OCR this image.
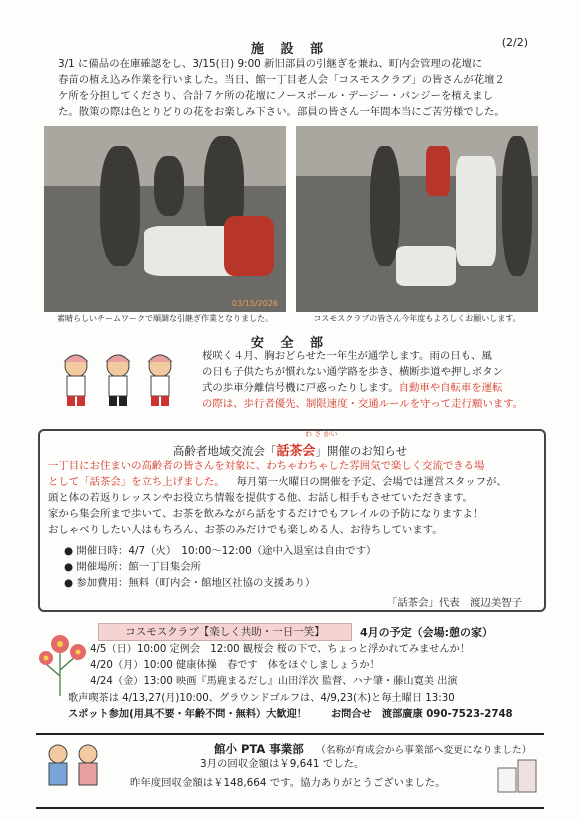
(2/2)
施 設 部
3/1 に備品の在庫確認をし、3/15(日) 9:00 新旧部員の引継ぎを兼ね、町内会管理の花壇に
春苗の植え込み作業を行いました。当日、館一丁目老人会「コスモスクラブ」の皆さんが花壇２
ケ所を分担してくださり、合計７ケ所の花壇にノースポール・デージー・パンジーを植えまし
た。散策の際は色とりどりの花をお楽しみ下さい。部員の皆さん一年間本当にご苦労様でした。
03/15/2026
素晴らしいチームワークで順調な引継ぎ作業となりました。	コスモスクラブの皆さん今年度もよろしくお願いします。
安 全 部
桜咲く４月、胸おどらせた一年生が通学します。雨の日も、風
の日も子供たちが慣れない通学路を歩き、横断歩道や押しボタン
式の歩車分離信号機に戸惑ったりします。自動車や自転車を運転
の際は、歩行者優先、制限速度・交通ルールを守って走行願います。
わ さ かい
高齢者地域交流会「話茶会」開催のお知らせ
一丁目にお住まいの高齢者の皆さんを対象に、わちゃわちゃした雰囲気で楽しく交流できる場
として「話茶会」を立ち上げました。 毎月第一火曜日の開催を予定、会場では運営スタッフが、
頭と体の若返りレッスンやお役立ち情報を提供する他、お話し相手もさせていただきます。
家から集会所まで歩いて、お茶を飲みながら話をするだけでもフレイルの予防になりますよ！
おしゃべりしたい人はもちろん、お茶のみだけでも楽しめる人、お待ちしています。
● 開催日時：4/7（火）　10:00～12:00（途中入退室は自由です）
● 開催場所：館一丁目集会所
● 参加費用：無料（町内会・館地区社協の支援あり）
「話茶会」代表　渡辺美智子
コスモスクラブ【楽しく共助・一日一笑】	4月の予定（会場:憩の家）
4/5（日）10:00 定例会　12:00 観桜会 桜の下で、ちょっと浮かれてみませんか！
4/20（月）10:00 健康体操　春です　体をほぐしましょうか！
4/24（金）13:00 映画『馬鹿まるだし』山田洋次 監督、ハナ肇・藤山寛美 出演
歌声喫茶は 4/13,27(月)10:00、グラウンドゴルフは、4/9,23(木)と毎土曜日 13:30
スポット参加(用具不要・年齢不問・無料）大歓迎！ お問合せ　渡部廣康 090-7523-2748
館小 PTA 事業部 （名称が育成会から事業部へ変更になりました）
3月の回収金額は￥9,641 でした。
昨年度回収金額は￥148,664 です。協力ありがとうございました。
